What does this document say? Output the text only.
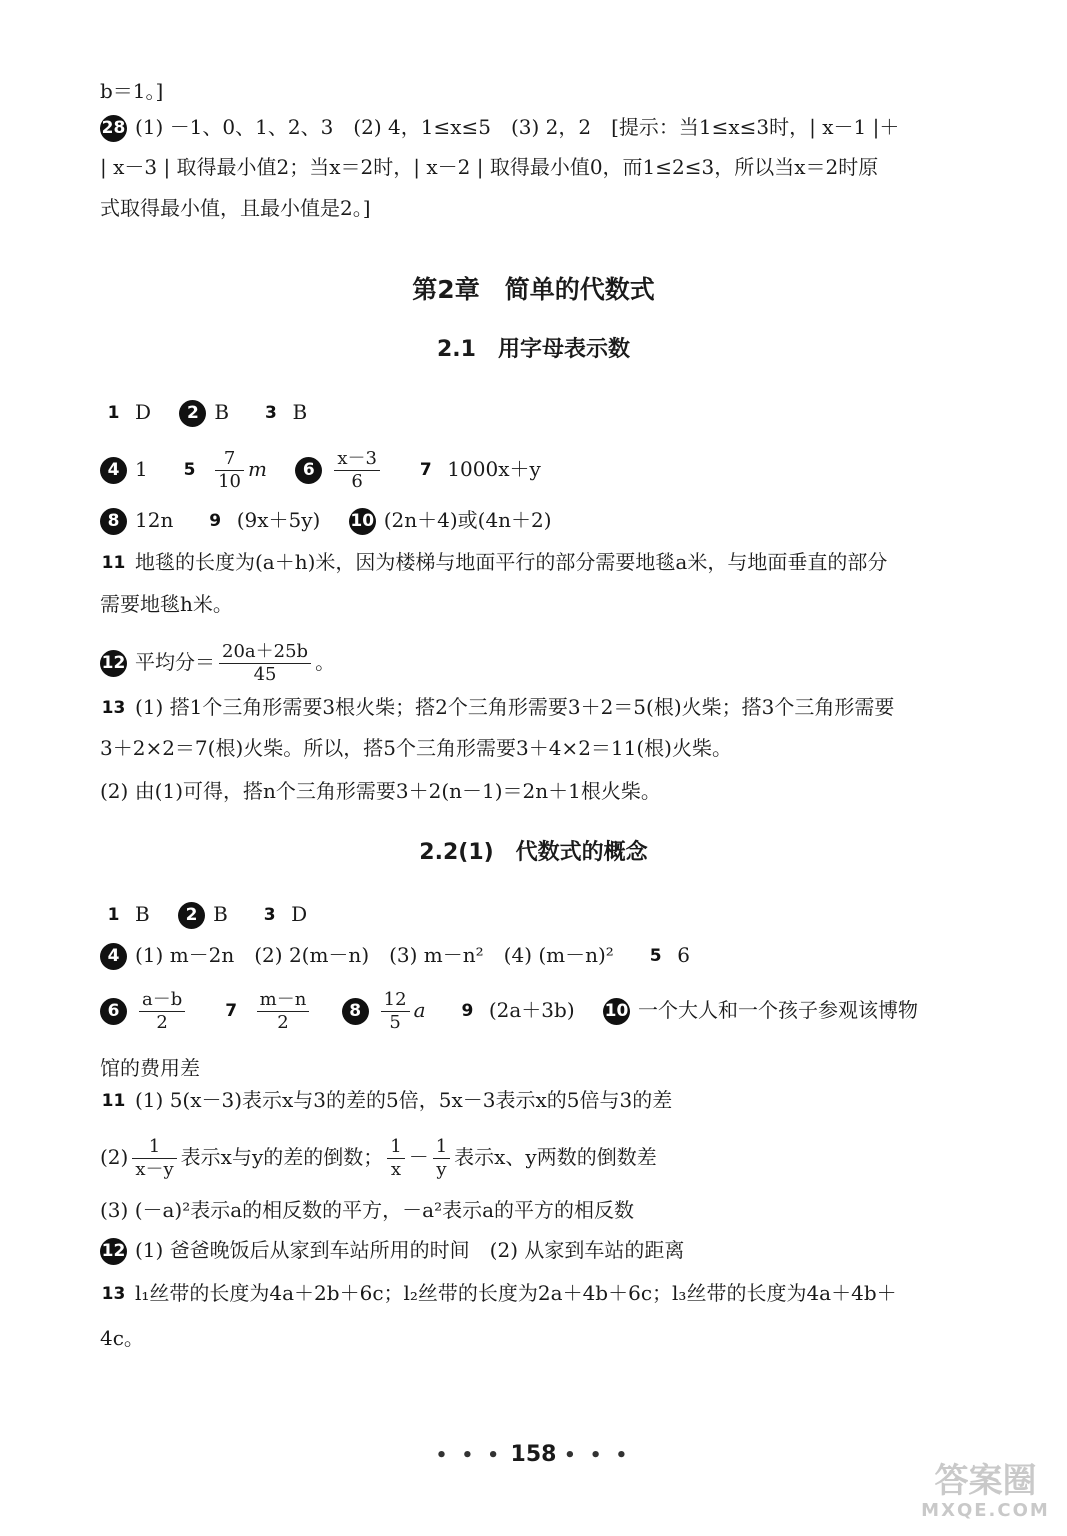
b＝1。]
28 (1) －1、0、1、2、3　(2) 4，1≤x≤5　(3) 2，2　[提示：当1≤x≤3时，| x－1 |＋
| x－3 | 取得最小值2；当x＝2时，| x－2 | 取得最小值0，而1≤2≤3，所以当x＝2时原
式取得最小值，且最小值是2。]
第2章　简单的代数式
2.1　用字母表示数
1 D 2 B 3 B
4 1 $5 \frac{7}{10}$ m $6 \frac{x-3}{6} 7$ 1000x＋y
8 12n 9 (9x＋5y) 10 (2n＋4)或(4n＋2)
11 地毯的长度为(a＋h)米，因为楼梯与地面平行的部分需要地毯a米，与地面垂直的部分
需要地毯h米。
12 平均分＝ $\frac{20a+25b}{45}$ 。
13 (1) 搭1个三角形需要3根火柴；搭2个三角形需要3＋2＝5(根)火柴；搭3个三角形需要
3＋2×2＝7(根)火柴。所以，搭5个三角形需要3＋4×2＝11(根)火柴。
(2) 由(1)可得，搭n个三角形需要3＋2(n－1)＝2n＋1根火柴。
2.2(1)　代数式的概念
1 B 2 B 3 D
4 (1) m－2n　(2) 2(m－n)　(3) m－n²　(4) (m－n)² 5 6
$6 \frac{a-b}{2} 7 \frac{m-n}{2} 8 \frac{12}{5}$ a 9 (2a＋3b) 10 一个大人和一个孩子参观该博物
馆的费用差
11 (1) 5(x－3)表示x与3的差的5倍，5x－3表示x的5倍与3的差
$(2) \frac{1}{x-y}$ 表示x与y的差的倒数； $\frac{1}{x} - \frac{1}{y}$ 表示x、y两数的倒数差
(3) (－a)²表示a的相反数的平方，－a²表示a的平方的相反数
12 (1) 爸爸晚饭后从家到车站所用的时间　(2) 从家到车站的距离
13 l₁丝带的长度为4a＋2b＋6c；l₂丝带的长度为2a＋4b＋6c；l₃丝带的长度为4a＋4b＋
4c。
• • • 158 • • •
答案圈
MXQE.COM
